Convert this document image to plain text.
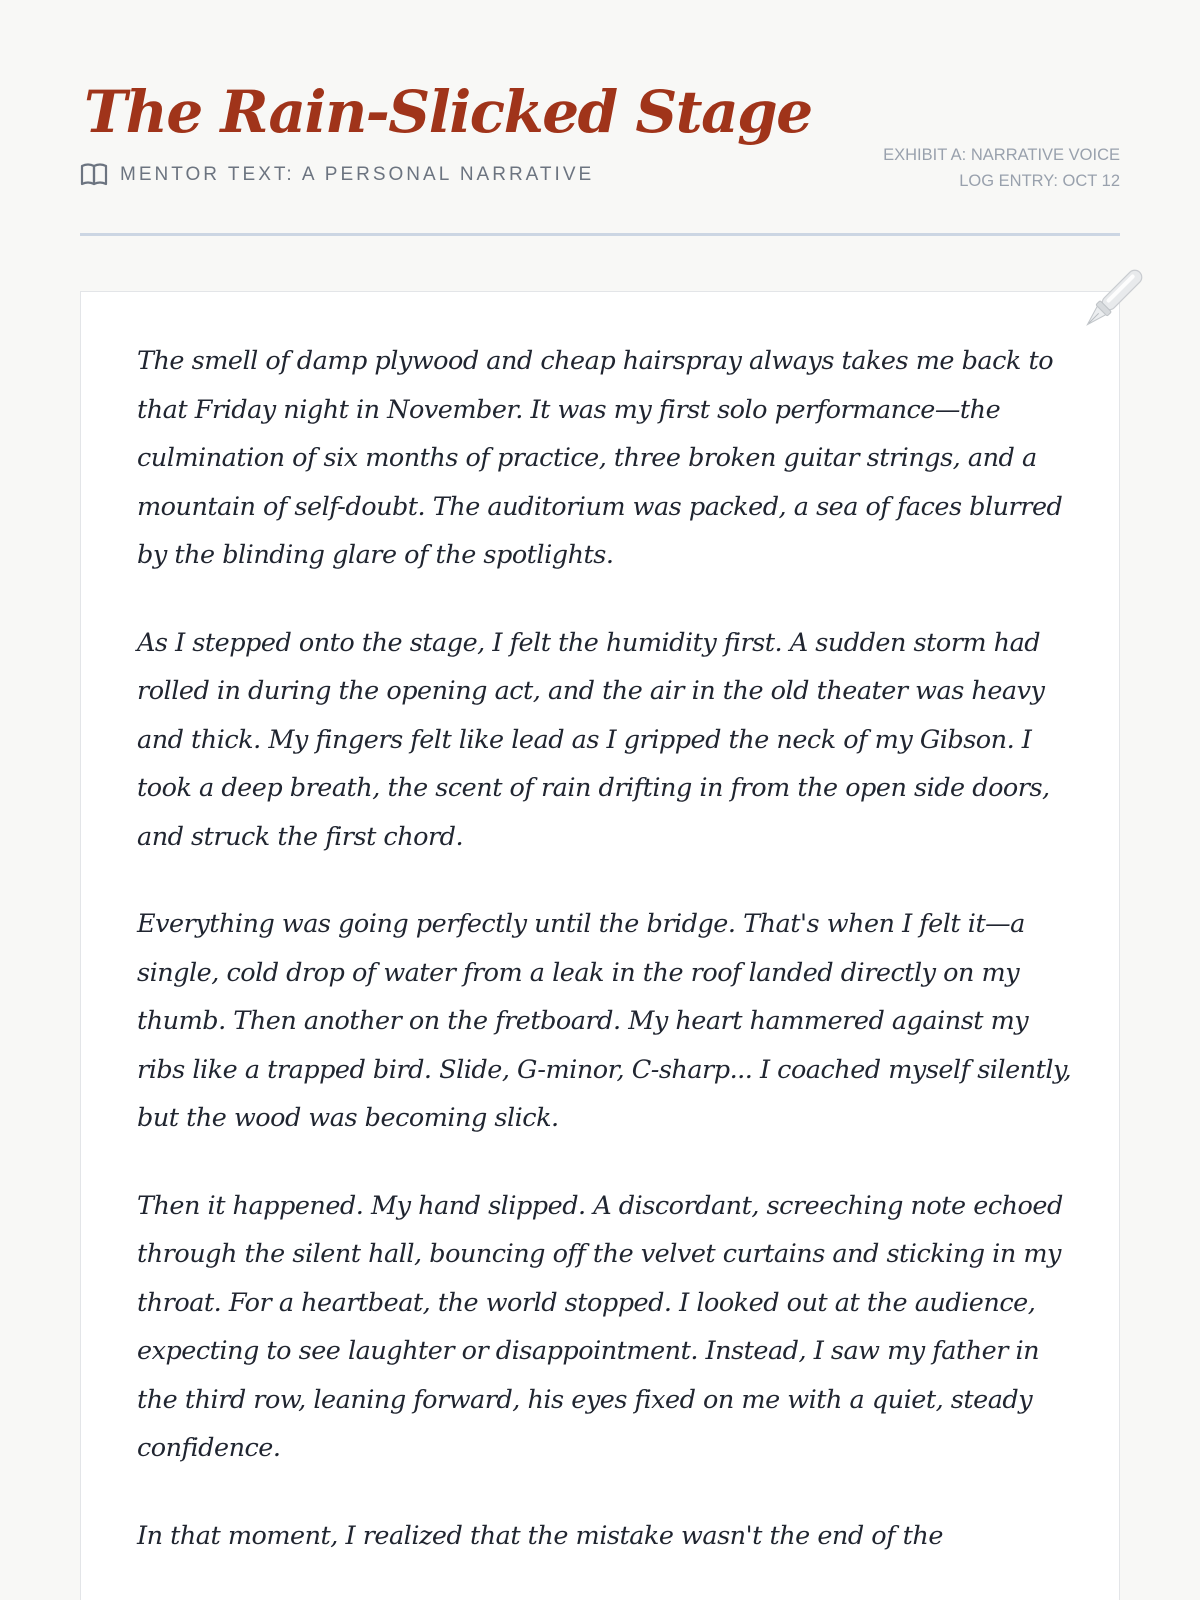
The Rain-Slicked Stage
MENTOR TEXT: A PERSONAL NARRATIVE
EXHIBIT A: NARRATIVE VOICE
LOG ENTRY: OCT 12

The smell of damp plywood and cheap hairspray always takes me back to that Friday night in November. It was my first solo performance—the culmination of six months of practice, three broken guitar strings, and a mountain of self-doubt. The auditorium was packed, a sea of faces blurred by the blinding glare of the spotlights.

As I stepped onto the stage, I felt the humidity first. A sudden storm had rolled in during the opening act, and the air in the old theater was heavy and thick. My fingers felt like lead as I gripped the neck of my Gibson. I took a deep breath, the scent of rain drifting in from the open side doors, and struck the first chord.

Everything was going perfectly until the bridge. That's when I felt it—a single, cold drop of water from a leak in the roof landed directly on my thumb. Then another on the fretboard. My heart hammered against my ribs like a trapped bird. Slide, G-minor, C-sharp... I coached myself silently, but the wood was becoming slick.

Then it happened. My hand slipped. A discordant, screeching note echoed through the silent hall, bouncing off the velvet curtains and sticking in my throat. For a heartbeat, the world stopped. I looked out at the audience, expecting to see laughter or disappointment. Instead, I saw my father in the third row, leaning forward, his eyes fixed on me with a quiet, steady confidence.

In that moment, I realized that the mistake wasn't the end of the
